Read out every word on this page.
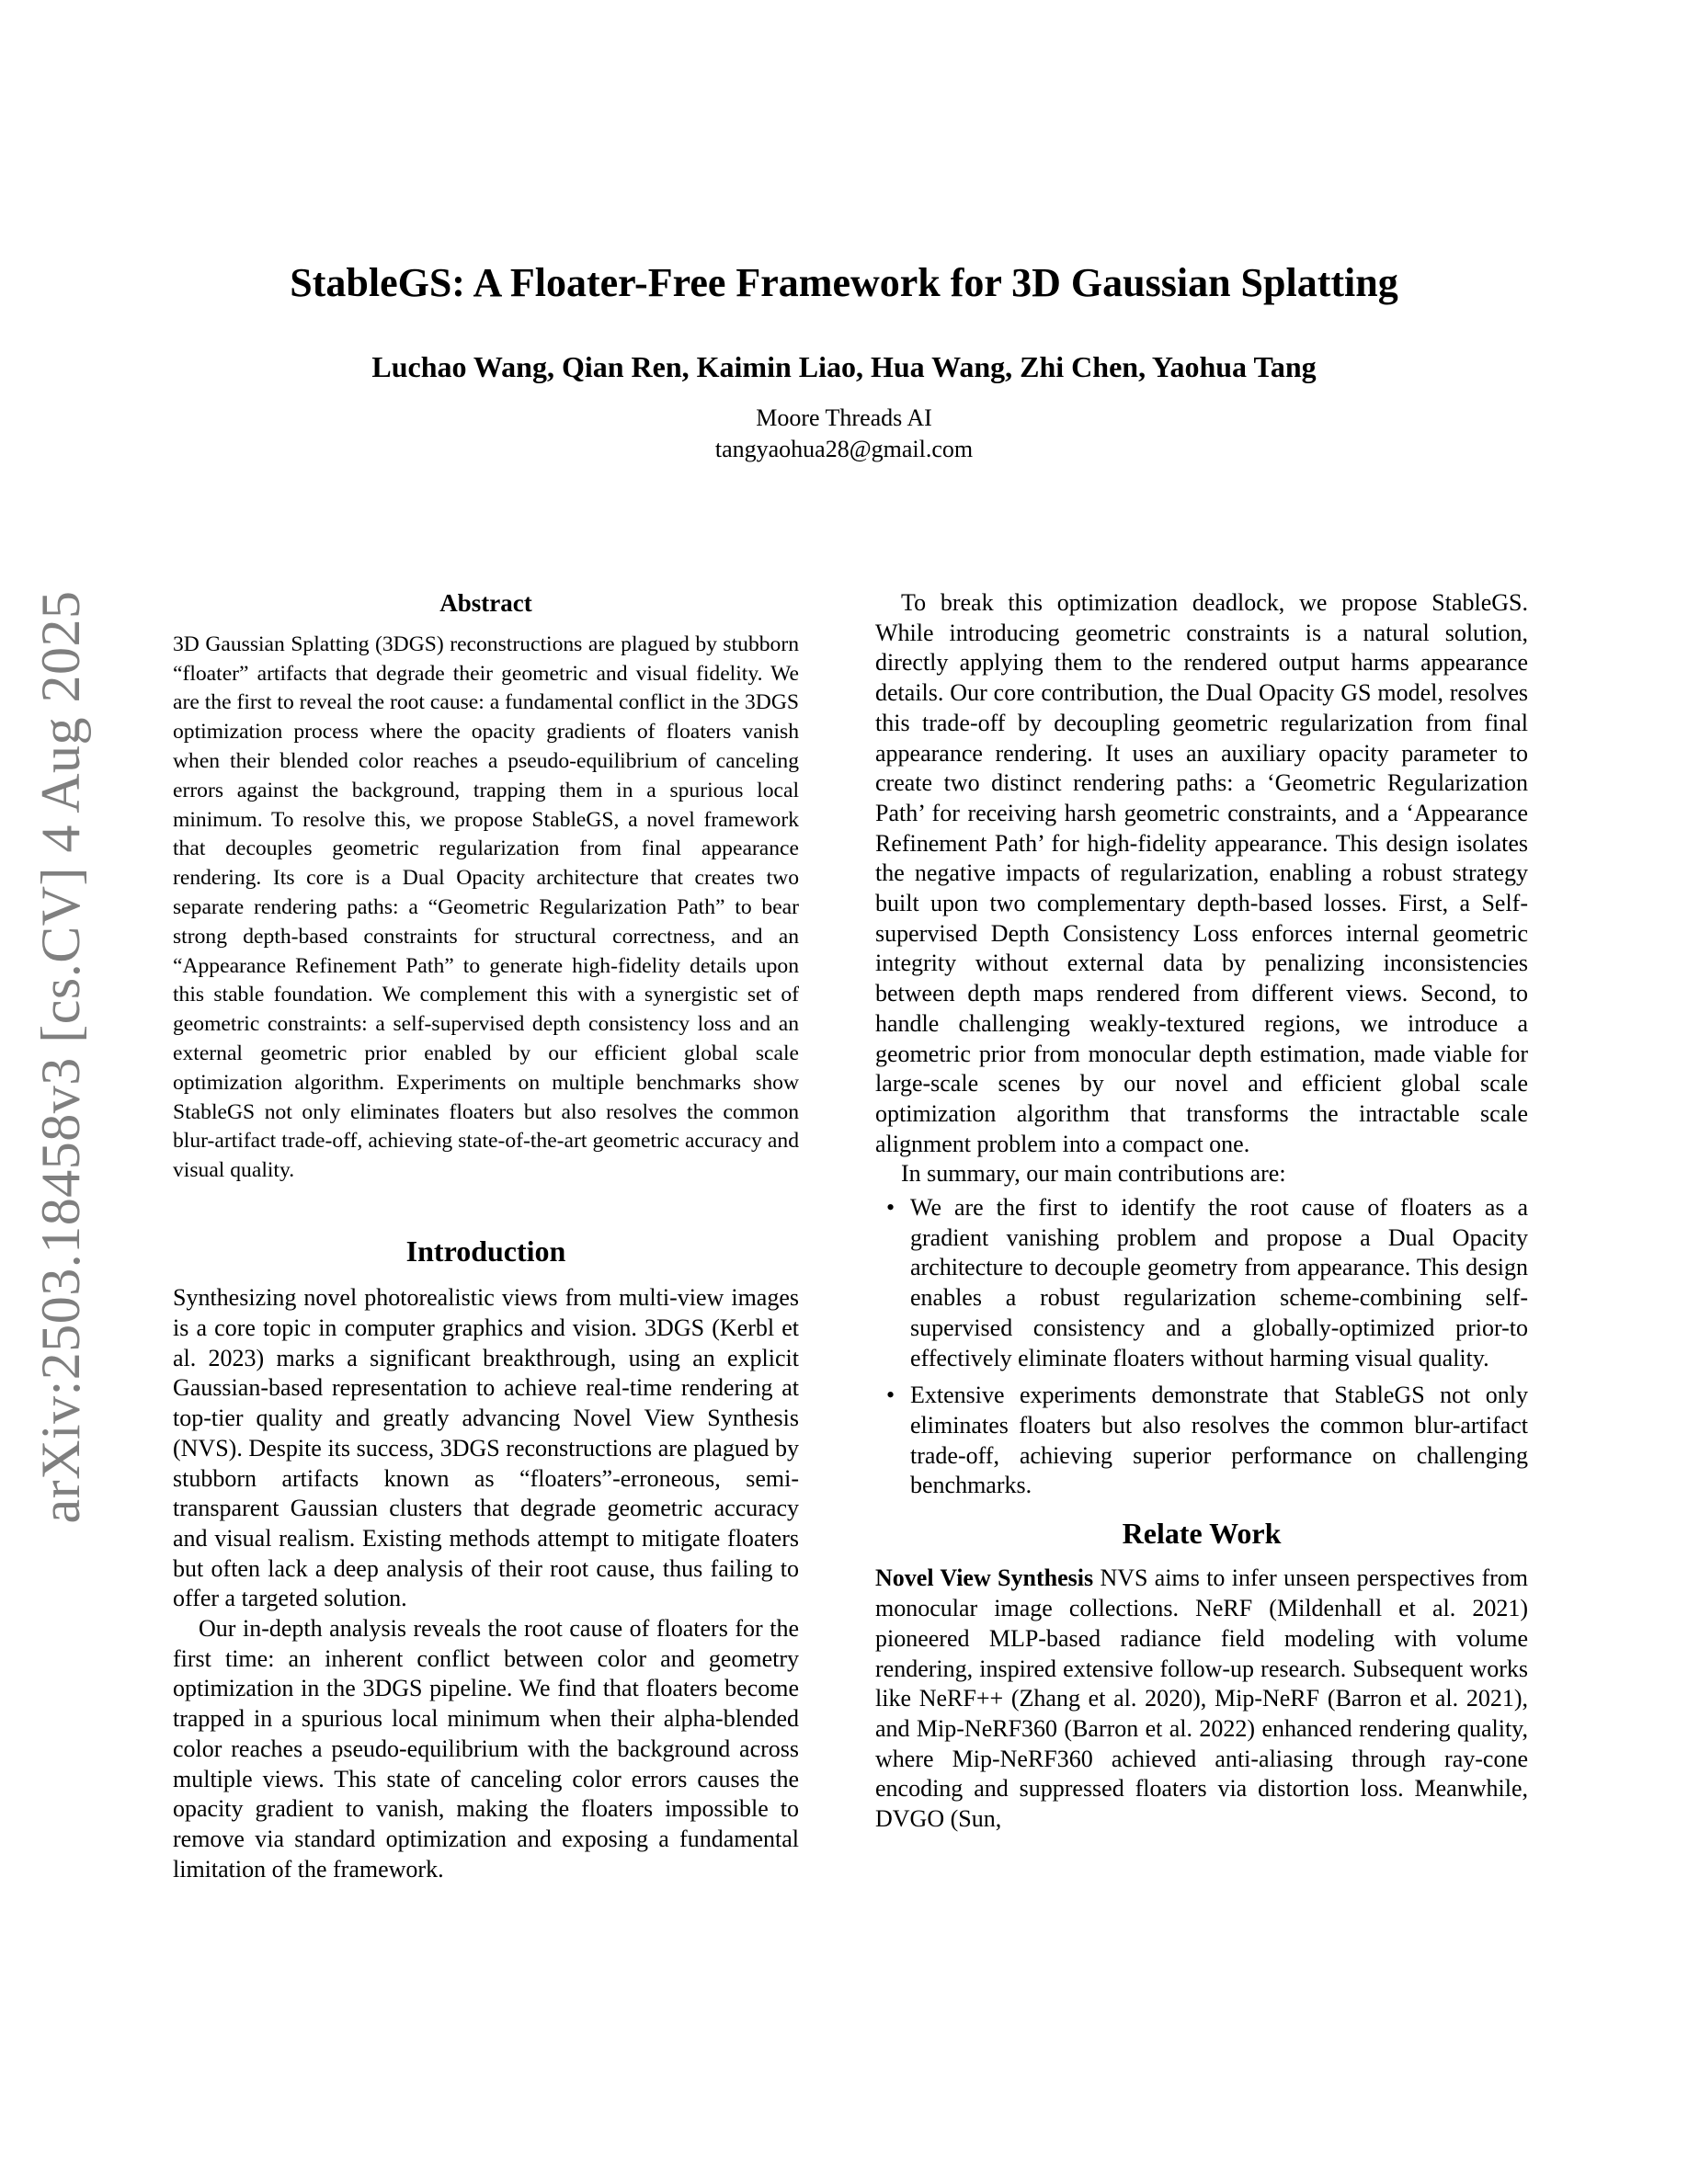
arXiv:2503.18458v3 [cs.CV] 4 Aug 2025
StableGS: A Floater-Free Framework for 3D Gaussian Splatting
Luchao Wang, Qian Ren, Kaimin Liao, Hua Wang, Zhi Chen, Yaohua Tang
Moore Threads AI
tangyaohua28@gmail.com
Abstract

3D Gaussian Splatting (3DGS) reconstructions are plagued by stubborn “floater” artifacts that degrade their geometric and visual fidelity. We are the first to reveal the root cause: a fundamental conflict in the 3DGS optimization process where the opacity gradients of floaters vanish when their blended color reaches a pseudo-equilibrium of canceling errors against the background, trapping them in a spurious local minimum. To resolve this, we propose StableGS, a novel framework that decouples geometric regularization from final appearance rendering. Its core is a Dual Opacity architecture that creates two separate rendering paths: a “Geometric Regularization Path” to bear strong depth-based constraints for structural correctness, and an “Appearance Refinement Path” to generate high-fidelity details upon this stable foundation. We complement this with a synergistic set of geometric constraints: a self-supervised depth consistency loss and an external geometric prior enabled by our efficient global scale optimization algorithm. Experiments on multiple benchmarks show StableGS not only eliminates floaters but also resolves the common blur-artifact trade-off, achieving state-of-the-art geometric accuracy and visual quality.

Introduction

Synthesizing novel photorealistic views from multi-view images is a core topic in computer graphics and vision. 3DGS (Kerbl et al. 2023) marks a significant breakthrough, using an explicit Gaussian-based representation to achieve real-time rendering at top-tier quality and greatly advancing Novel View Synthesis (NVS). Despite its success, 3DGS reconstructions are plagued by stubborn artifacts known as “floaters”-erroneous, semi-transparent Gaussian clusters that degrade geometric accuracy and visual realism. Existing methods attempt to mitigate floaters but often lack a deep analysis of their root cause, thus failing to offer a targeted solution.

Our in-depth analysis reveals the root cause of floaters for the first time: an inherent conflict between color and geometry optimization in the 3DGS pipeline. We find that floaters become trapped in a spurious local minimum when their alpha-blended color reaches a pseudo-equilibrium with the background across multiple views. This state of canceling color errors causes the opacity gradient to vanish, making the floaters impossible to remove via standard optimization and exposing a fundamental limitation of the framework.

To break this optimization deadlock, we propose StableGS. While introducing geometric constraints is a natural solution, directly applying them to the rendered output harms appearance details. Our core contribution, the Dual Opacity GS model, resolves this trade-off by decoupling geometric regularization from final appearance rendering. It uses an auxiliary opacity parameter to create two distinct rendering paths: a ‘Geometric Regularization Path’ for receiving harsh geometric constraints, and a ‘Appearance Refinement Path’ for high-fidelity appearance. This design isolates the negative impacts of regularization, enabling a robust strategy built upon two complementary depth-based losses. First, a Self-supervised Depth Consistency Loss enforces internal geometric integrity without external data by penalizing inconsistencies between depth maps rendered from different views. Second, to handle challenging weakly-textured regions, we introduce a geometric prior from monocular depth estimation, made viable for large-scale scenes by our novel and efficient global scale optimization algorithm that transforms the intractable scale alignment problem into a compact one.

In summary, our main contributions are:

• We are the first to identify the root cause of floaters as a gradient vanishing problem and propose a Dual Opacity architecture to decouple geometry from appearance. This design enables a robust regularization scheme-combining self-supervised consistency and a globally-optimized prior-to effectively eliminate floaters without harming visual quality.
• Extensive experiments demonstrate that StableGS not only eliminates floaters but also resolves the common blur-artifact trade-off, achieving superior performance on challenging benchmarks.
Relate Work

Novel View Synthesis NVS aims to infer unseen perspectives from monocular image collections. NeRF (Mildenhall et al. 2021) pioneered MLP-based radiance field modeling with volume rendering, inspired extensive follow-up research. Subsequent works like NeRF++ (Zhang et al. 2020), Mip-NeRF (Barron et al. 2021), and Mip-NeRF360 (Barron et al. 2022) enhanced rendering quality, where Mip-NeRF360 achieved anti-aliasing through ray-cone encoding and suppressed floaters via distortion loss. Meanwhile, DVGO (Sun,
